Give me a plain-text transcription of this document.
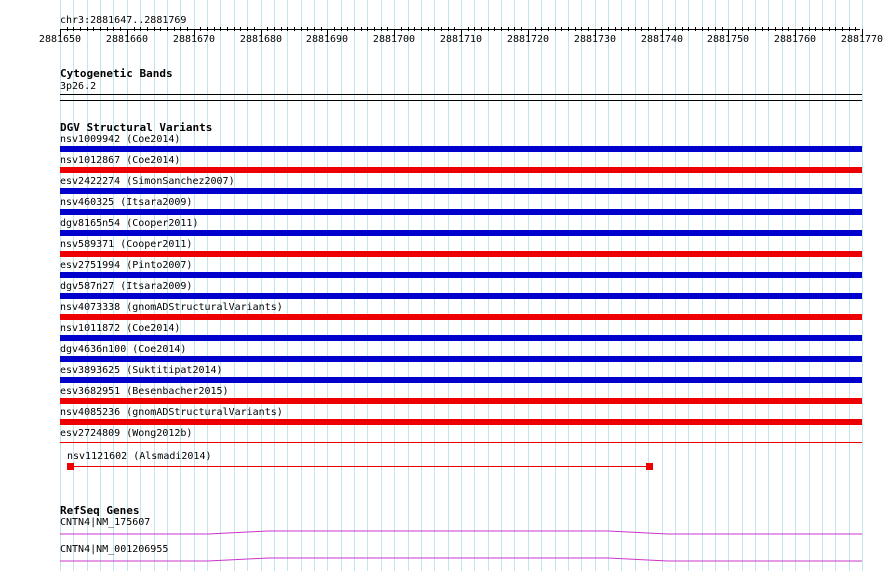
chr3:2881647..2881769
2881650 2881660 2881670 2881680 2881690 2881700 2881710 2881720 2881730 2881740 2881750 2881760 2881770
Cytogenetic Bands
3p26.2
DGV Structural Variants
nsv1009942 (Coe2014)
nsv1012867 (Coe2014)
esv2422274 (SimonSanchez2007)
nsv460325 (Itsara2009)
dgv8165n54 (Cooper2011)
nsv589371 (Cooper2011)
esv2751994 (Pinto2007)
dgv587n27 (Itsara2009)
nsv4073338 (gnomADStructuralVariants)
nsv1011872 (Coe2014)
dgv4636n100 (Coe2014)
esv3893625 (Suktitipat2014)
esv3682951 (Besenbacher2015)
nsv4085236 (gnomADStructuralVariants)
esv2724809 (Wong2012b)
nsv1121602 (Alsmadi2014)
RefSeq Genes
CNTN4|NM_175607
CNTN4|NM_001206955
